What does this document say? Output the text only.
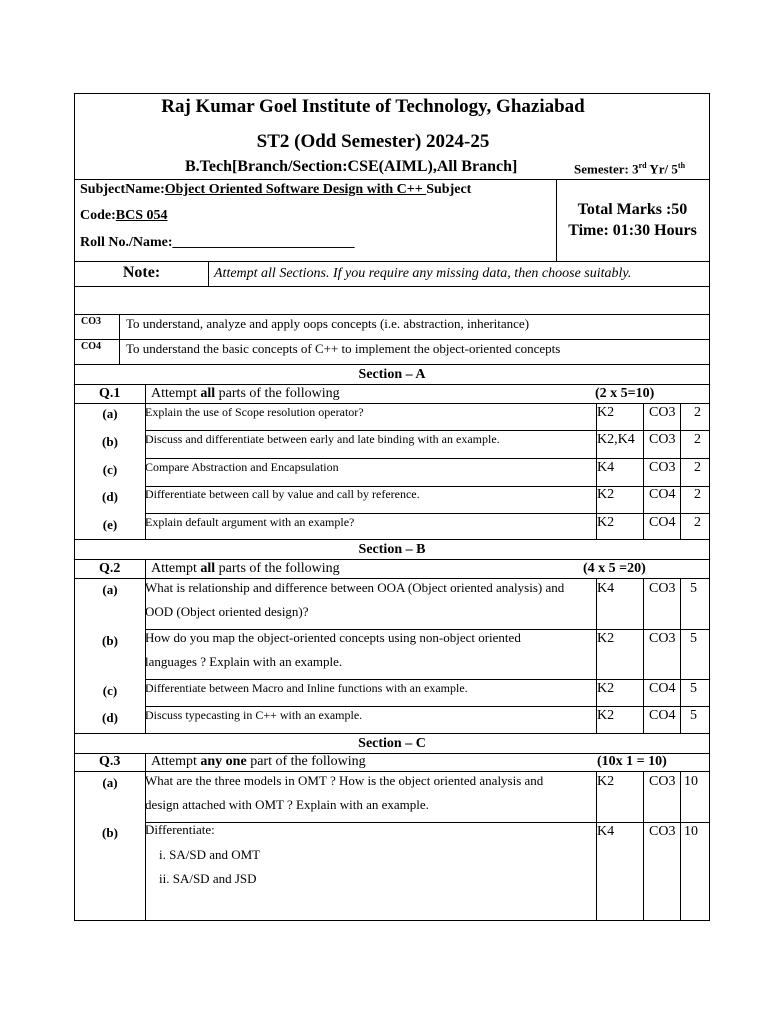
Raj Kumar Goel Institute of Technology, Ghaziabad
ST2 (Odd Semester) 2024-25
B.Tech[Branch/Section:CSE(AIML),All Branch]	Semester: 3rd Yr/ 5th
SubjectName:Object Oriented Software Design with C++ Subject
Code:BCS 054
Roll No./Name:__________________________
Total Marks :50
Time: 01:30 Hours
Note:	Attempt all Sections. If you require any missing data, then choose suitably.
CO3 To understand, analyze and apply oops concepts (i.e. abstraction, inheritance)
CO4 To understand the basic concepts of C++ to implement the object-oriented concepts
Section – A
Q.1 Attempt all parts of the following	(2 x 5=10)
(a)	Explain the use of Scope resolution operator?	K2 CO3 2
(b)	Discuss and differentiate between early and late binding with an example.	K2,K4 CO3 2
(c)	Compare Abstraction and Encapsulation	K4 CO3 2
(d)	Differentiate between call by value and call by reference.	K2 CO4 2
(e)	Explain default argument with an example?	K2 CO4 2
Section – B
Q.2 Attempt all parts of the following	(4 x 5 =20)
(a)	What is relationship and difference between OOA (Object oriented analysis) and
OOD (Object oriented design)?
K4 CO3 5
(b)	How do you map the object-oriented concepts using non-object oriented
languages ? Explain with an example.
K2 CO3 5
(c)	Differentiate between Macro and Inline functions with an example.	K2 CO4 5
(d)	Discuss typecasting in C++ with an example.	K2 CO4 5
Section – C
Q.3 Attempt any one part of the following	(10x 1 = 10)
(a)	What are the three models in OMT ? How is the object oriented analysis and
design attached with OMT ? Explain with an example.
K2 CO3 10
(b)	Differentiate:
i. SA/SD and OMT
ii. SA/SD and JSD
K4 CO3 10
